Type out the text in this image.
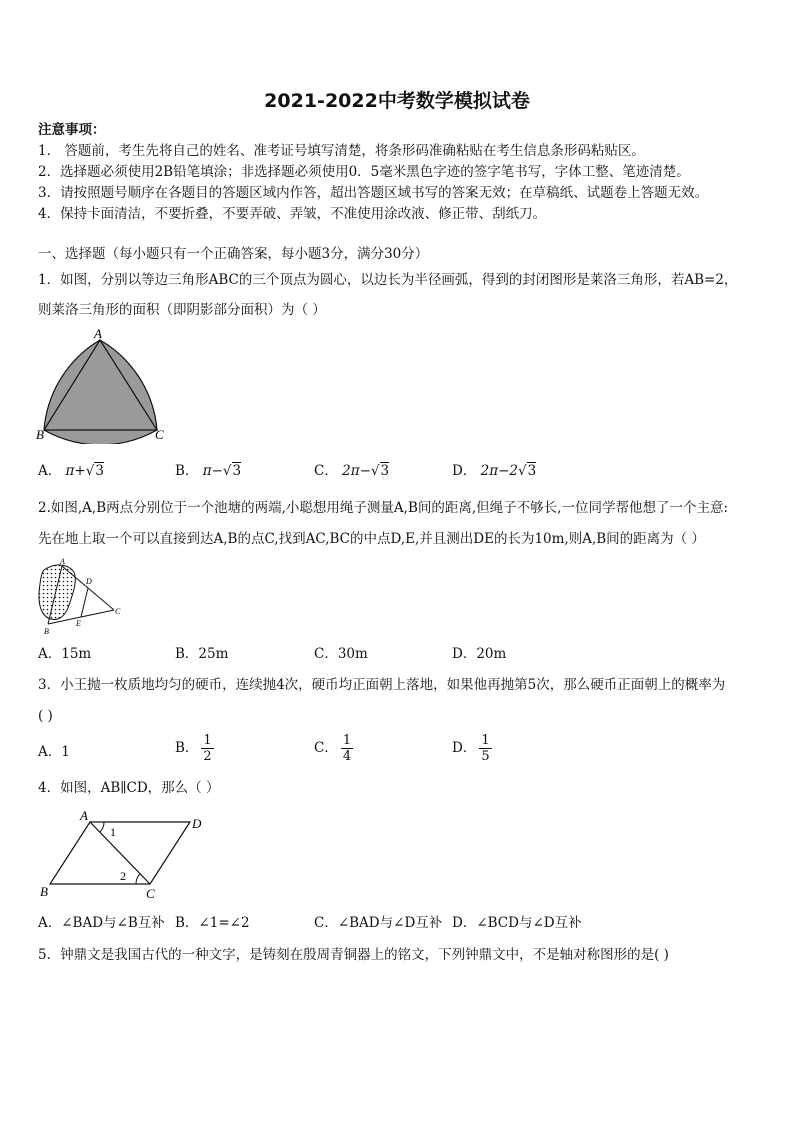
2021-2022中考数学模拟试卷
注意事项：
1． 答题前，考生先将自己的姓名、准考证号填写清楚，将条形码准确粘贴在考生信息条形码粘贴区。
2．选择题必须使用2B铅笔填涂；非选择题必须使用0．5毫米黑色字迹的签字笔书写，字体工整、笔迹清楚。
3．请按照题号顺序在各题目的答题区域内作答，超出答题区域书写的答案无效；在草稿纸、试题卷上答题无效。
4．保持卡面清洁，不要折叠，不要弄破、弄皱，不准使用涂改液、修正带、刮纸刀。
一、选择题（每小题只有一个正确答案，每小题3分，满分30分）
1．如图，分别以等边三角形ABC的三个顶点为圆心，以边长为半径画弧，得到的封闭图形是莱洛三角形，若AB=2，
则莱洛三角形的面积（即阴影部分面积）为（ ）
A
B	C
A． π+√3	B． π−√3	C． 2π−√3	D． 2π−2√3
2.如图,A,B两点分别位于一个池塘的两端,小聪想用绳子测量A,B间的距离,但绳子不够长,一位同学帮他想了一个主意:
先在地上取一个可以直接到达A,B的点C,找到AC,BC的中点D,E,并且测出DE的长为10m,则A,B间的距离为（ ）
A
B
C
D
E
A．15m	B．25m	C．30m	D．20m
3．小王抛一枚质地均匀的硬币，连续抛4次，硬币均正面朝上落地，如果他再抛第5次，那么硬币正面朝上的概率为
( )
A．1	B． $\frac{1}{2}$	C． $\frac{1}{4}$	D． $\frac{1}{5}$
4．如图，AB∥CD，那么（ ）
A
D
B	C
1
2
A．∠BAD与∠B互补 B．∠1=∠2	C．∠BAD与∠D互补 D．∠BCD与∠D互补
5．钟鼎文是我国古代的一种文字，是铸刻在殷周青铜器上的铭文，下列钟鼎文中，不是轴对称图形的是( )
